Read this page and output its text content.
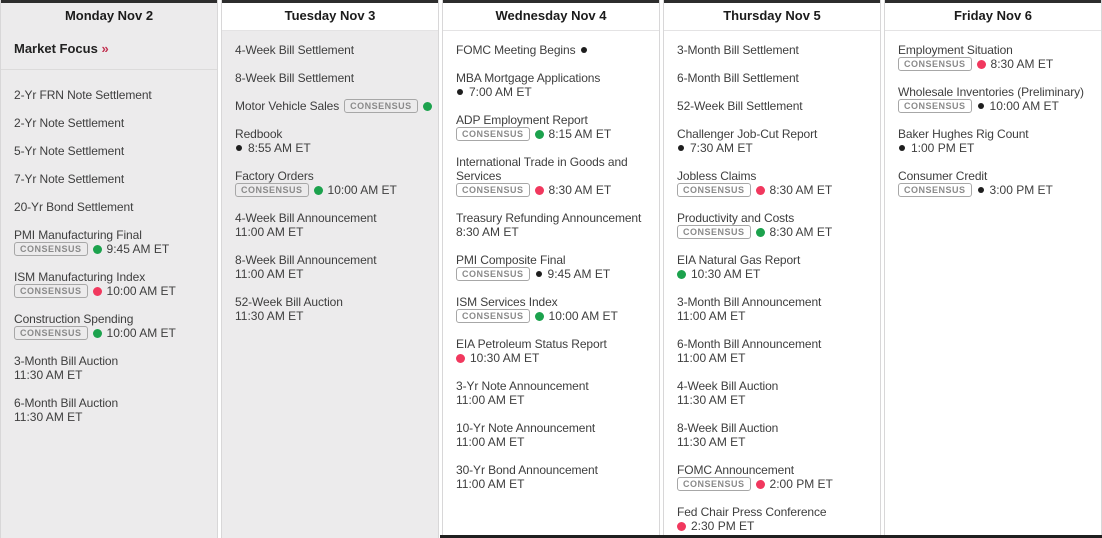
Monday Nov 2
Market Focus »
2-Yr FRN Note Settlement
2-Yr Note Settlement
5-Yr Note Settlement
7-Yr Note Settlement
20-Yr Bond Settlement
PMI Manufacturing Final
CONSENSUS	9:45 AM ET
ISM Manufacturing Index
CONSENSUS	10:00 AM ET
Construction Spending
CONSENSUS	10:00 AM ET
3-Month Bill Auction
11:30 AM ET
6-Month Bill Auction
11:30 AM ET
Tuesday Nov 3
4-Week Bill Settlement
8-Week Bill Settlement
Motor Vehicle Sales	CONSENSUS
Redbook
8:55 AM ET
Factory Orders
CONSENSUS	10:00 AM ET
4-Week Bill Announcement
11:00 AM ET
8-Week Bill Announcement
11:00 AM ET
52-Week Bill Auction
11:30 AM ET
Wednesday Nov 4
FOMC Meeting Begins
MBA Mortgage Applications
7:00 AM ET
ADP Employment Report
CONSENSUS	8:15 AM ET
International Trade in Goods and Services
CONSENSUS	8:30 AM ET
Treasury Refunding Announcement
8:30 AM ET
PMI Composite Final
CONSENSUS	9:45 AM ET
ISM Services Index
CONSENSUS	10:00 AM ET
EIA Petroleum Status Report
10:30 AM ET
3-Yr Note Announcement
11:00 AM ET
10-Yr Note Announcement
11:00 AM ET
30-Yr Bond Announcement
11:00 AM ET
Thursday Nov 5
3-Month Bill Settlement
6-Month Bill Settlement
52-Week Bill Settlement
Challenger Job-Cut Report
7:30 AM ET
Jobless Claims
CONSENSUS	8:30 AM ET
Productivity and Costs
CONSENSUS	8:30 AM ET
EIA Natural Gas Report
10:30 AM ET
3-Month Bill Announcement
11:00 AM ET
6-Month Bill Announcement
11:00 AM ET
4-Week Bill Auction
11:30 AM ET
8-Week Bill Auction
11:30 AM ET
FOMC Announcement
CONSENSUS	2:00 PM ET
Fed Chair Press Conference
2:30 PM ET
Friday Nov 6
Employment Situation
CONSENSUS	8:30 AM ET
Wholesale Inventories (Preliminary)
CONSENSUS	10:00 AM ET
Baker Hughes Rig Count
1:00 PM ET
Consumer Credit
CONSENSUS	3:00 PM ET
